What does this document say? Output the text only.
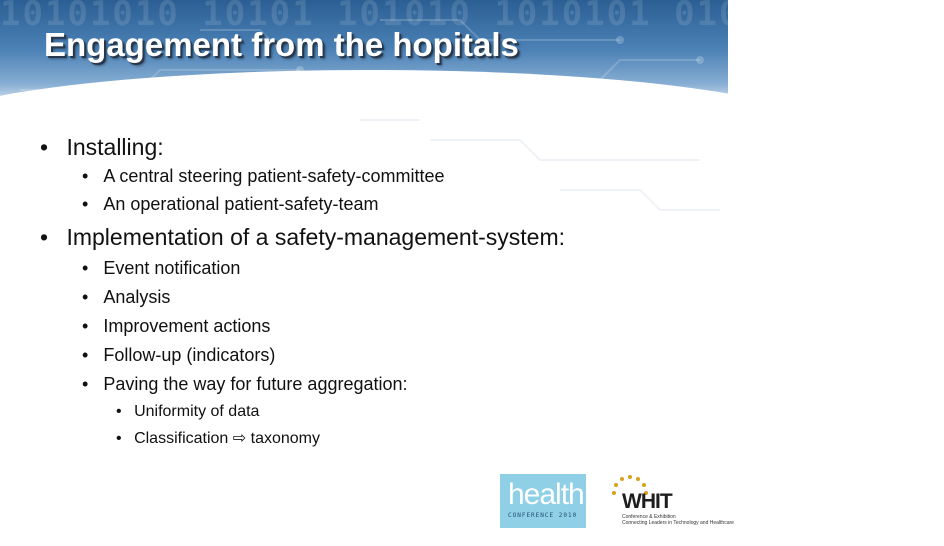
10101010 10101 101010 1010101 0101010 1010
Engagement from the hopitals
• Installing:
• A central steering patient-safety-committee
• An operational patient-safety-team
• Implementation of a safety-management-system:
• Event notification
• Analysis
• Improvement actions
• Follow-up (indicators)
• Paving the way for future aggregation:
• Uniformity of data
• Classification ⇨ taxonomy
health
CONFERENCE 2010
WHIT
Conference & Exhibition
Connecting Leaders in Technology and Healthcare
